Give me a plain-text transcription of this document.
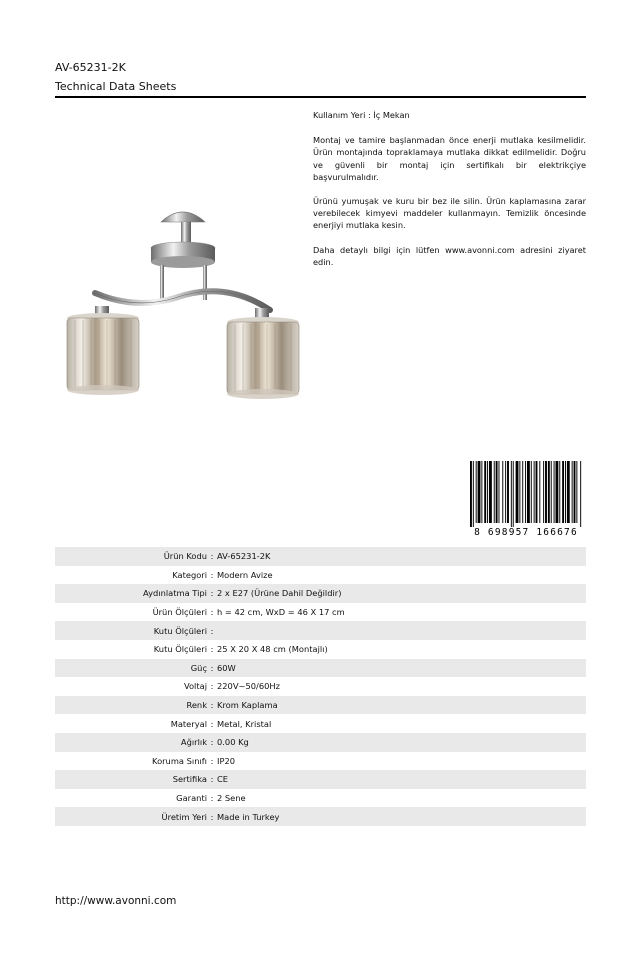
AV-65231-2K
Technical Data Sheets

Kullanım Yeri : İç Mekan

Montaj ve tamire başlanmadan önce enerji mutlaka kesilmelidir. Ürün montajında topraklamaya mutlaka dikkat edilmelidir. Doğru ve güvenli bir montaj için sertifikalı bir elektrikçiye başvurulmalıdır.

Ürünü yumuşak ve kuru bir bez ile silin. Ürün kaplamasına zarar verebilecek kimyevi maddeler kullanmayın. Temizlik öncesinde enerjiyi mutlaka kesin.

Daha detaylı bilgi için lütfen www.avonni.com adresini ziyaret edin.

8 698957 166676
Ürün Kodu : AV-65231-2K
Kategori : Modern Avize
Aydınlatma Tipi : 2 x E27 (Ürüne Dahil Değildir)
Ürün Ölçüleri : h = 42 cm, WxD = 46 X 17 cm
Kutu Ölçüleri :
Kutu Ölçüleri : 25 X 20 X 48 cm (Montajlı)
Güç : 60W
Voltaj : 220V~50/60Hz
Renk : Krom Kaplama
Materyal : Metal, Kristal
Ağırlık : 0.00 Kg
Koruma Sınıfı : IP20
Sertifika : CE
Garanti : 2 Sene
Üretim Yeri : Made in Turkey
http://www.avonni.com
